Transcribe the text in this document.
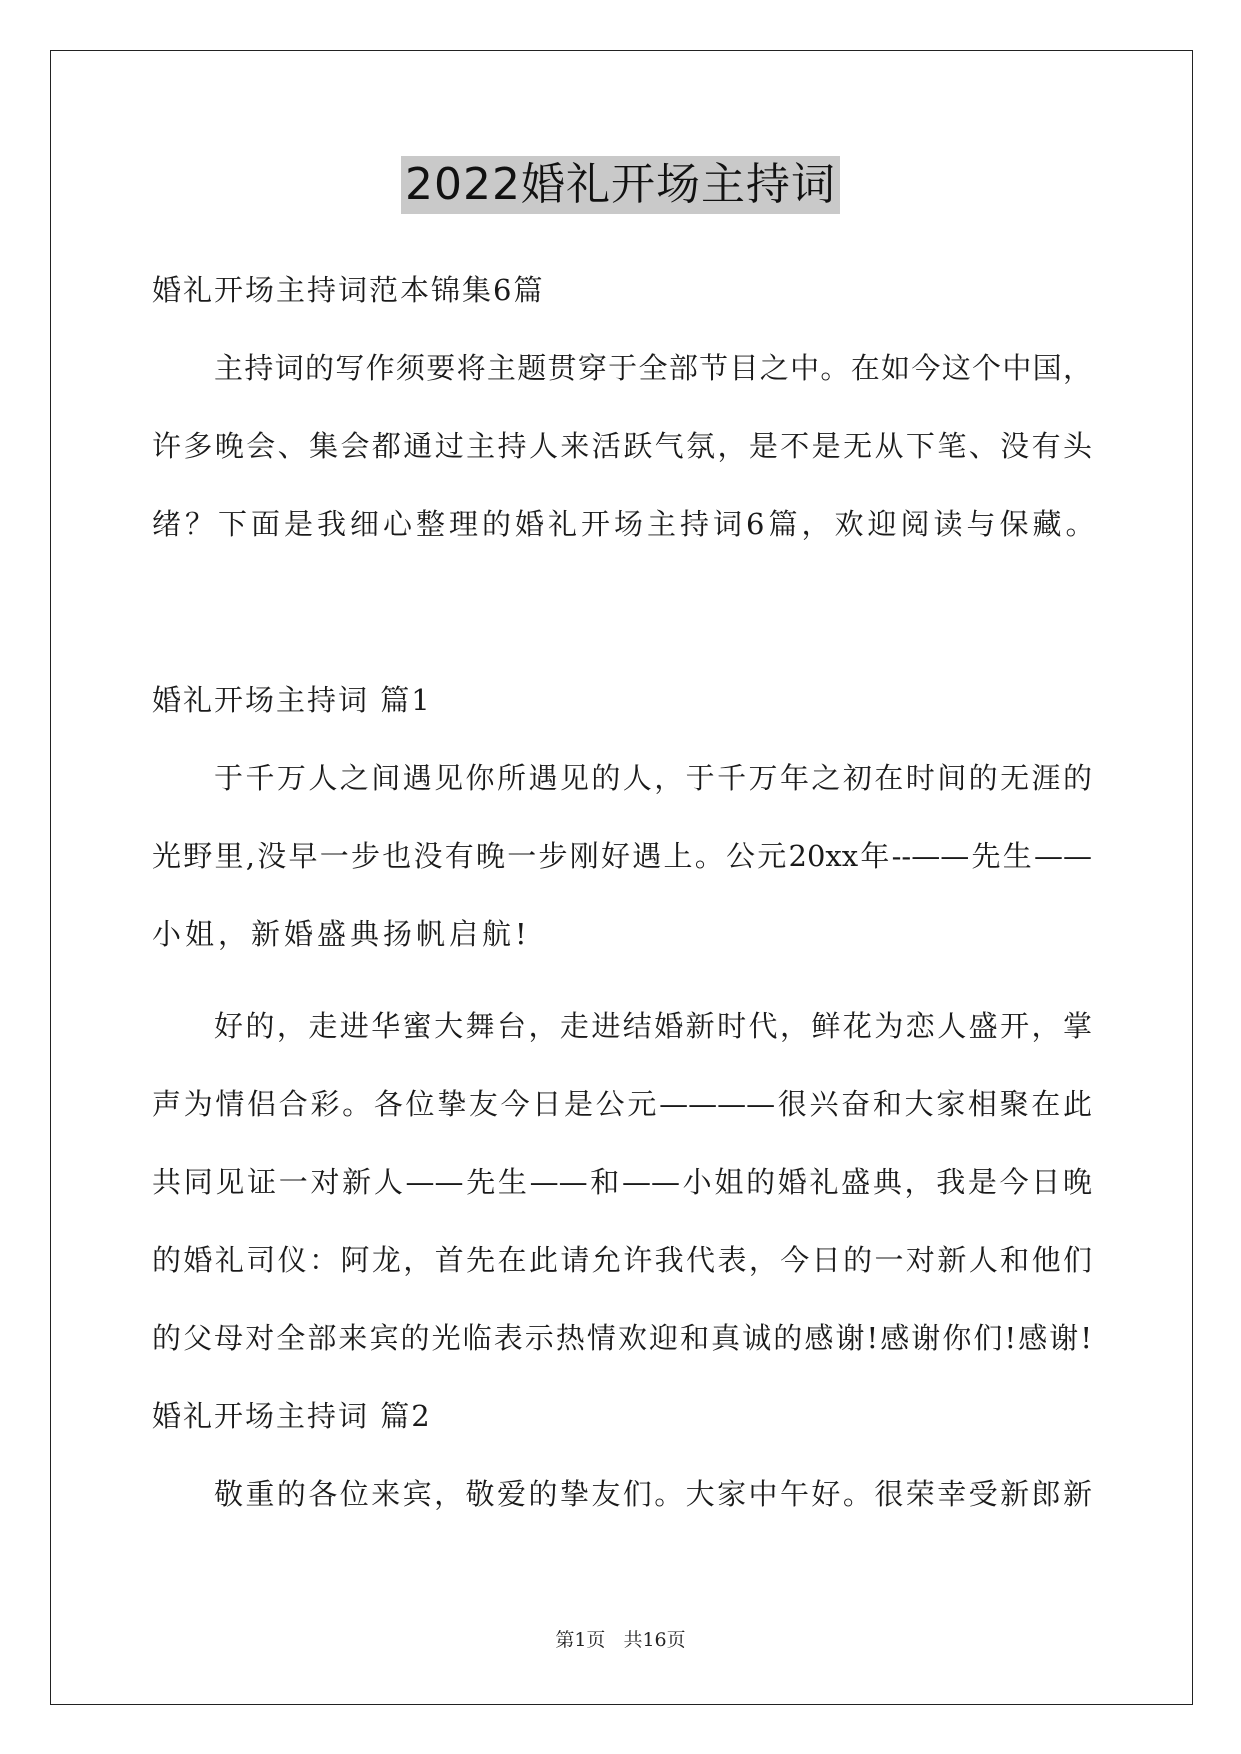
2022婚礼开场主持词
婚礼开场主持词范本锦集6篇
主持词的写作须要将主题贯穿于全部节目之中。在如今这个中国，
许多晚会、集会都通过主持人来活跃气氛，是不是无从下笔、没有头
绪？下面是我细心整理的婚礼开场主持词6篇，欢迎阅读与保藏。
婚礼开场主持词 篇1
于千万人之间遇见你所遇见的人，于千万年之初在时间的无涯的
光野里,没早一步也没有晚一步刚好遇上。公元20xx年--——先生——
小姐，新婚盛典扬帆启航!
好的，走进华蜜大舞台，走进结婚新时代，鲜花为恋人盛开，掌
声为情侣合彩。各位挚友今日是公元————很兴奋和大家相聚在此
共同见证一对新人——先生——和——小姐的婚礼盛典，我是今日晚
的婚礼司仪：阿龙，首先在此请允许我代表，今日的一对新人和他们
的父母对全部来宾的光临表示热情欢迎和真诚的感谢!感谢你们!感谢!
婚礼开场主持词 篇2
敬重的各位来宾，敬爱的挚友们。大家中午好。很荣幸受新郎新
第1页 共16页
